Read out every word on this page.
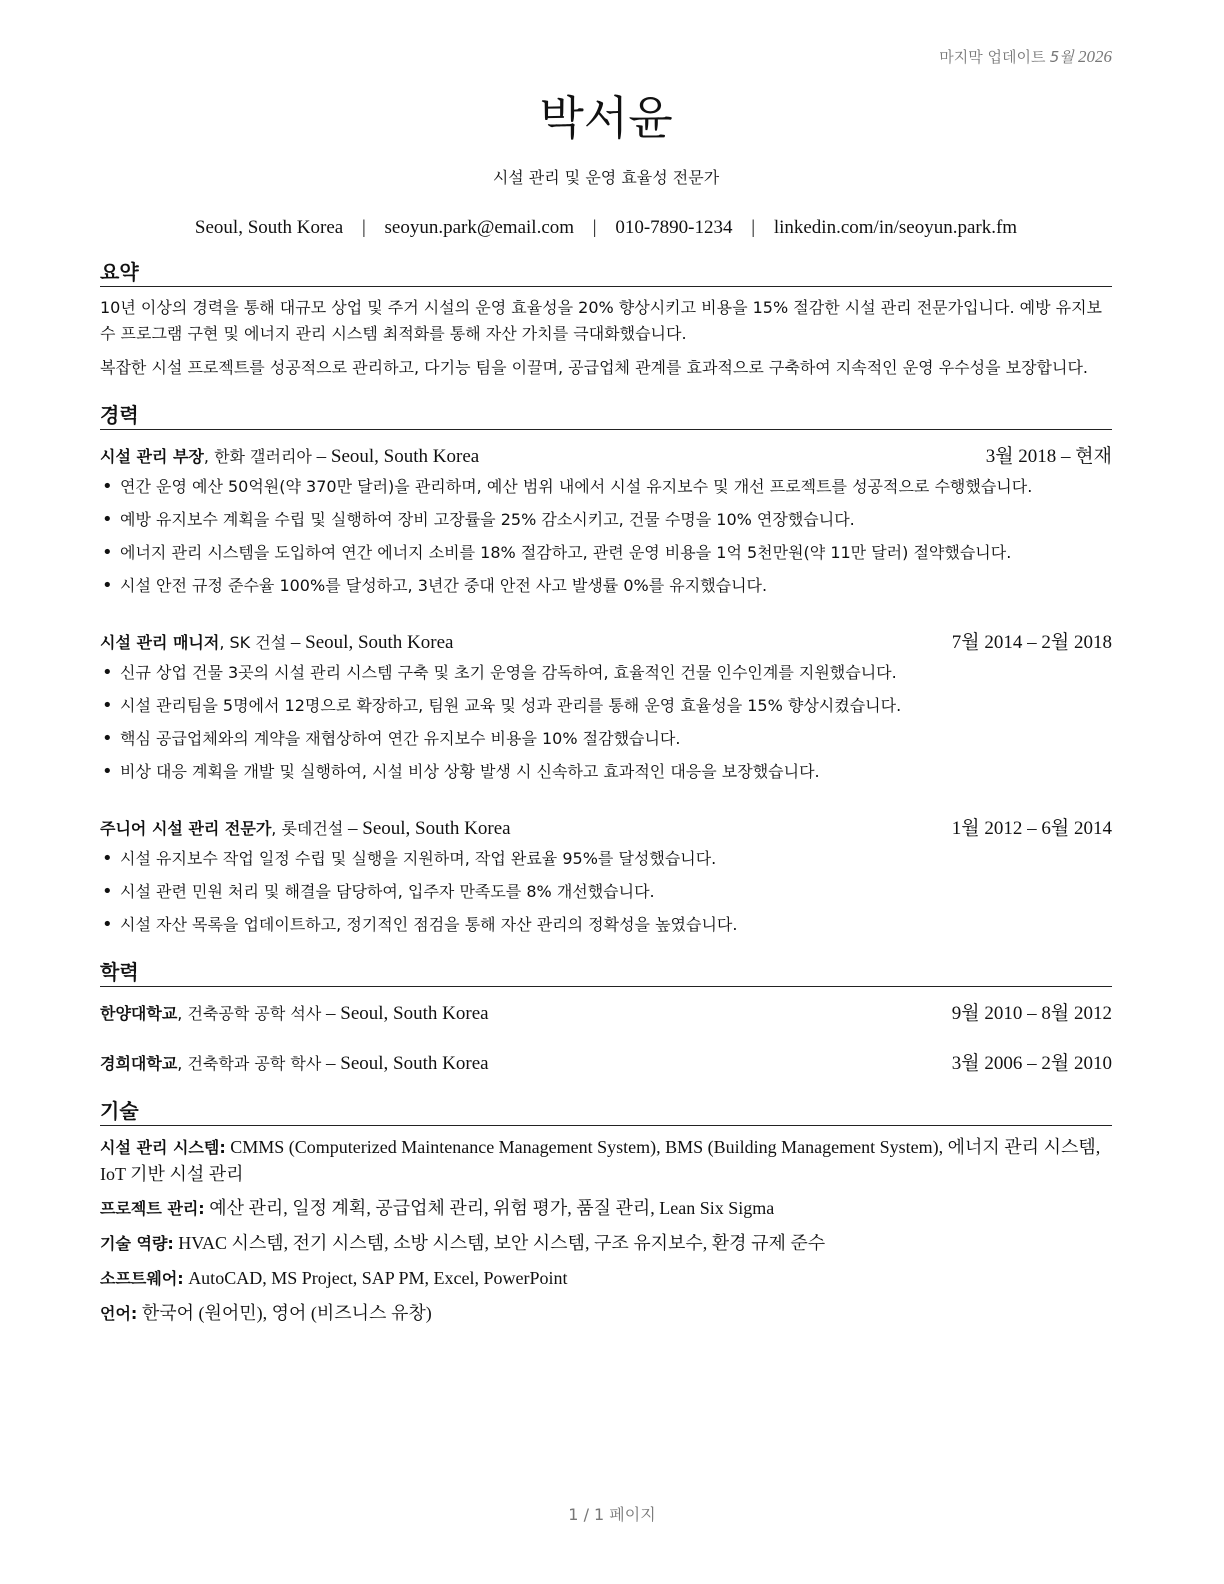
마지막 업데이트 5월 2026
박서윤
시설 관리 및 운영 효율성 전문가
Seoul, South Korea | seoyun.park@email.com | 010-7890-1234 | linkedin.com/in/seoyun.park.fm
요약

10년 이상의 경력을 통해 대규모 상업 및 주거 시설의 운영 효율성을 20% 향상시키고 비용을 15% 절감한 시설 관리 전문가입니다. 예방 유지보수 프로그램 구현 및 에너지 관리 시스템 최적화를 통해 자산 가치를 극대화했습니다.

복잡한 시설 프로젝트를 성공적으로 관리하고, 다기능 팀을 이끌며, 공급업체 관계를 효과적으로 구축하여 지속적인 운영 우수성을 보장합니다.

경력
시설 관리 부장, 한화 갤러리아 – Seoul, South Korea	3월 2018 – 현재
• 연간 운영 예산 50억원(약 370만 달러)을 관리하며, 예산 범위 내에서 시설 유지보수 및 개선 프로젝트를 성공적으로 수행했습니다.
• 예방 유지보수 계획을 수립 및 실행하여 장비 고장률을 25% 감소시키고, 건물 수명을 10% 연장했습니다.
• 에너지 관리 시스템을 도입하여 연간 에너지 소비를 18% 절감하고, 관련 운영 비용을 1억 5천만원(약 11만 달러) 절약했습니다.
• 시설 안전 규정 준수율 100%를 달성하고, 3년간 중대 안전 사고 발생률 0%를 유지했습니다.
시설 관리 매니저, SK 건설 – Seoul, South Korea	7월 2014 – 2월 2018
• 신규 상업 건물 3곳의 시설 관리 시스템 구축 및 초기 운영을 감독하여, 효율적인 건물 인수인계를 지원했습니다.
• 시설 관리팀을 5명에서 12명으로 확장하고, 팀원 교육 및 성과 관리를 통해 운영 효율성을 15% 향상시켰습니다.
• 핵심 공급업체와의 계약을 재협상하여 연간 유지보수 비용을 10% 절감했습니다.
• 비상 대응 계획을 개발 및 실행하여, 시설 비상 상황 발생 시 신속하고 효과적인 대응을 보장했습니다.
주니어 시설 관리 전문가, 롯데건설 – Seoul, South Korea	1월 2012 – 6월 2014
• 시설 유지보수 작업 일정 수립 및 실행을 지원하며, 작업 완료율 95%를 달성했습니다.
• 시설 관련 민원 처리 및 해결을 담당하여, 입주자 만족도를 8% 개선했습니다.
• 시설 자산 목록을 업데이트하고, 정기적인 점검을 통해 자산 관리의 정확성을 높였습니다.
학력
한양대학교, 건축공학 공학 석사 – Seoul, South Korea	9월 2010 – 8월 2012
경희대학교, 건축학과 공학 학사 – Seoul, South Korea	3월 2006 – 2월 2010
기술
시설 관리 시스템: CMMS (Computerized Maintenance Management System), BMS (Building Management System), 에너지 관리 시스템, IoT 기반 시설 관리
프로젝트 관리: 예산 관리, 일정 계획, 공급업체 관리, 위험 평가, 품질 관리, Lean Six Sigma
기술 역량: HVAC 시스템, 전기 시스템, 소방 시스템, 보안 시스템, 구조 유지보수, 환경 규제 준수
소프트웨어: AutoCAD, MS Project, SAP PM, Excel, PowerPoint
언어: 한국어 (원어민), 영어 (비즈니스 유창)
1 / 1 페이지
